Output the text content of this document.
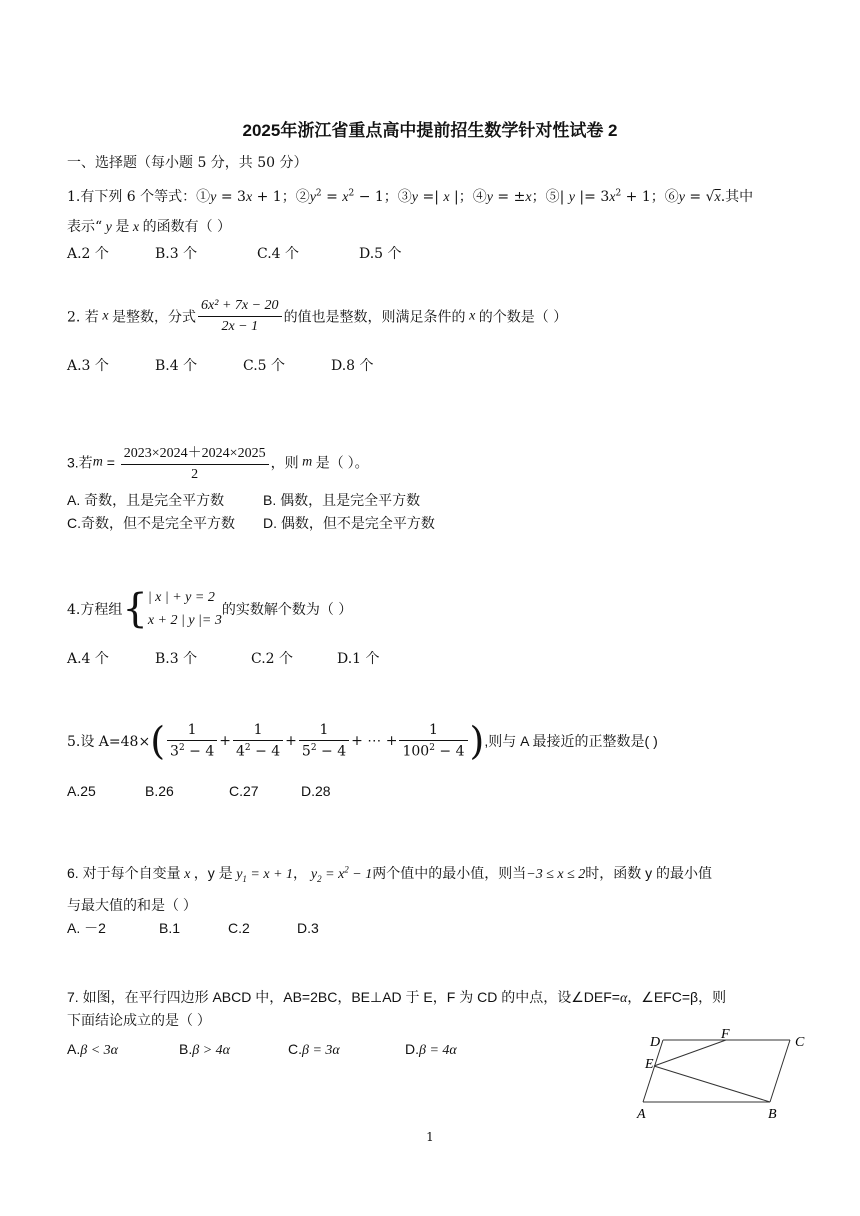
2025年浙江省重点高中提前招生数学针对性试卷 2
一、选择题（每小题 5 分，共 50 分）
1.有下列 6 个等式：①y = 3x + 1；$②y^2 = x^2 - 1$；③y =| x |；④y = ±x；⑤| y |= $3x^2 + 1$；⑥y = √x.其中
表示“ y 是 x 的函数有（ ）
A.2 个	B.3 个	C.4 个	D.5 个
2. 若 x 是整数，分式 $\frac{\text{6x² + 7x − 20}}{2x - 1}$ 的值也是整数，则满足条件的 x 的个数是（ ）
A.3 个	B.4 个	C.5 个	D.8 个
3.若$m = \frac{2023\times 2024+2024\times 2025}{2}$ ，则 m 是（ ）。
A. 奇数，且是完全平方数	B. 偶数，且是完全平方数
C.奇数，但不是完全平方数 D. 偶数，但不是完全平方数
4.方程组{ | x | + y = 2
x + 2 | y |= 3
的实数解个数为（ ）
A.4 个	B.3 个	C.2 个	D.1 个
5.设 $A=48\times( \frac{1}{3^2 - 4} + \frac{1}{4^2 - 4} + \frac{1}{5^2 - 4}$ + ⋯ + $\frac{1}{100^2 - 4}$ ),则与 A 最接近的正整数是( )
A.25	B.26	C.27	D.28
6. 对于每个自变量 x ，y 是 $y_1 = x + 1$， $y_2 = x^2 - 1$两个值中的最小值，则当−3 ≤ x ≤ 2时，函数 y 的最小值
与最大值的和是（ ）
A. －2	B.1	C.2	D.3
7. 如图，在平行四边形 ABCD 中，AB=2BC，BE⊥AD 于 E，F 为 CD 的中点，设∠DEF=α，∠EFC=β，则
下面结论成立的是（ ）
A.β < 3α	B.β > 4α	C.β = 3α	D.β = 4α
D
F
C
E
A	B
1
